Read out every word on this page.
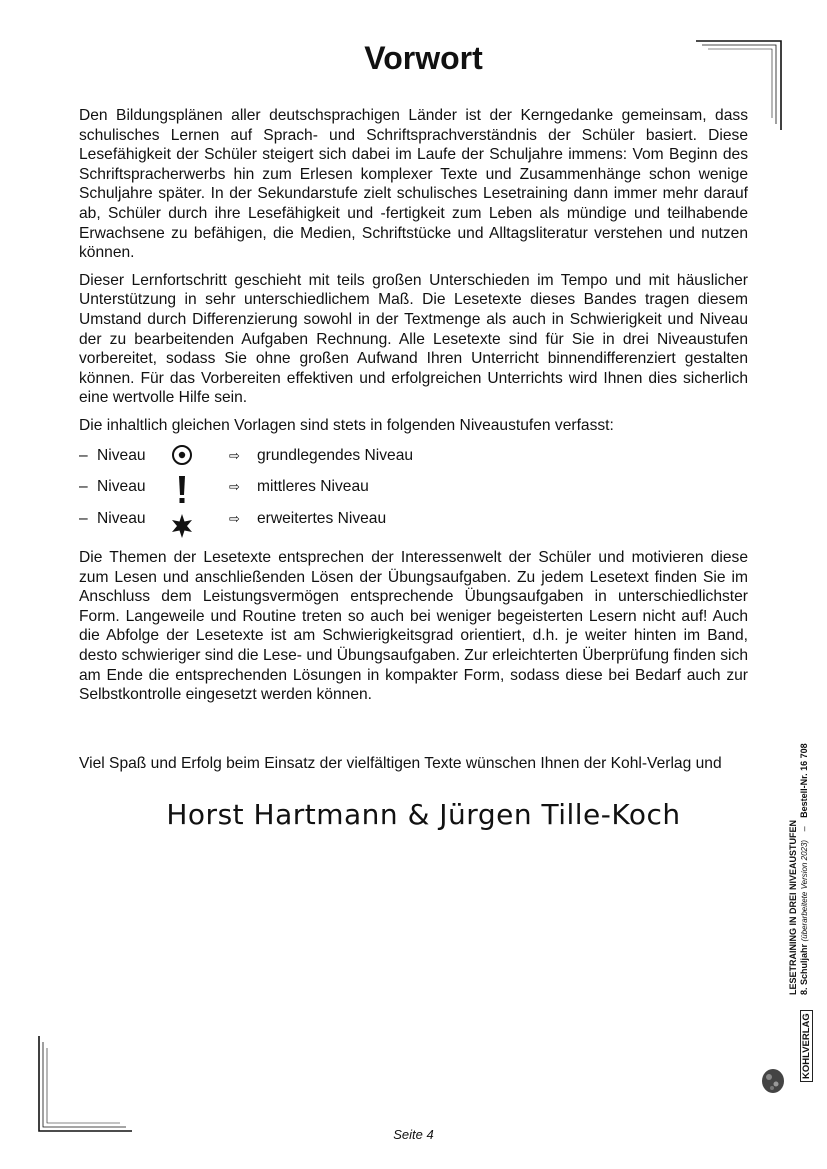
Vorwort

Den Bildungsplänen aller deutschsprachigen Länder ist der Kerngedanke gemeinsam, dass schulisches Lernen auf Sprach- und Schriftsprachverständnis der Schüler basiert. Diese Lesefähigkeit der Schüler steigert sich dabei im Laufe der Schuljahre immens: Vom Beginn des Schriftspracherwerbs hin zum Erlesen komplexer Texte und Zusammenhänge schon wenige Schuljahre später. In der Sekundarstufe zielt schulisches Lesetraining dann immer mehr darauf ab, Schüler durch ihre Lesefähigkeit und -fertigkeit zum Leben als mündige und teilhabende Erwachsene zu befähigen, die Medien, Schriftstücke und Alltagsliteratur verstehen und nutzen können.

Dieser Lernfortschritt geschieht mit teils großen Unterschieden im Tempo und mit häuslicher Unterstützung in sehr unterschiedlichem Maß. Die Lesetexte dieses Bandes tragen diesem Umstand durch Differenzierung sowohl in der Textmenge als auch in Schwierigkeit und Niveau der zu bearbeitenden Aufgaben Rechnung. Alle Lesetexte sind für Sie in drei Niveaustufen vorbereitet, sodass Sie ohne großen Aufwand Ihren Unterricht binnendifferenziert gestalten können. Für das Vorbereiten effektiven und erfolgreichen Unterrichts wird Ihnen dies sicherlich eine wertvolle Hilfe sein.

Die inhaltlich gleichen Vorlagen sind stets in folgenden Niveaustufen verfasst:

– Niveau	⇨ grundlegendes Niveau
– Niveau	⇨ mittleres Niveau
– Niveau	⇨ erweitertes Niveau

Die Themen der Lesetexte entsprechen der Interessenwelt der Schüler und motivieren diese zum Lesen und anschließenden Lösen der Übungsaufgaben. Zu jedem Lesetext finden Sie im Anschluss dem Leistungsvermögen entsprechende Übungsaufgaben in unterschiedlichster Form. Langeweile und Routine treten so auch bei weniger begeisterten Lesern nicht auf! Auch die Abfolge der Lesetexte ist am Schwierigkeitsgrad orientiert, d.h. je weiter hinten im Band, desto schwieriger sind die Lese- und Übungsaufgaben. Zur erleichterten Überprüfung finden sich am Ende die entsprechenden Lösungen in kompakter Form, sodass diese bei Bedarf auch zur Selbstkontrolle eingesetzt werden können.

Viel Spaß und Erfolg beim Einsatz der vielfältigen Texte wünschen Ihnen der Kohl-Verlag und
Horst Hartmann & Jürgen Tille-Koch
LESETRAINING IN DREI NIVEAUSTUFEN 8. Schuljahr (überarbeitete Version 2023) – Bestell-Nr. 16 708
KOHLVERLAG
Seite 4
